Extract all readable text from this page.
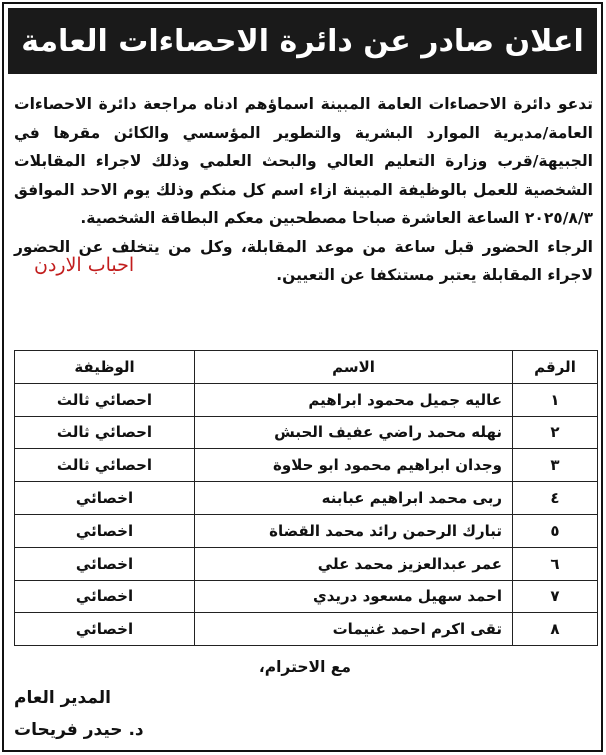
اعلان صادر عن دائرة الاحصاءات العامة

تدعو دائرة الاحصاءات العامة المبينة اسماؤهم ادناه مراجعة دائرة الاحصاءات العامة/مديرية الموارد البشرية والتطوير المؤسسي والكائن مقرها في الجبيهة/قرب وزارة التعليم العالي والبحث العلمي وذلك لاجراء المقابلات الشخصية للعمل بالوظيفة المبينة ازاء اسم كل منكم وذلك يوم الاحد الموافق ٢٠٢٥/٨/٣ الساعة العاشرة صباحا مصطحبين معكم البطاقة الشخصية.

الرجاء الحضور قبل ساعة من موعد المقابلة، وكل من يتخلف عن الحضور لاجراء المقابلة يعتبر مستنكفا عن التعيين.

احباب الاردن
الرقم	الاسم	الوظيفة
١	عاليه جميل محمود ابراهيم	احصائي ثالث
٢	نهله محمد راضي عفيف الحبش	احصائي ثالث
٣	وجدان ابراهيم محمود ابو حلاوة	احصائي ثالث
٤	ربى محمد ابراهيم عبابنه	اخصائي
٥	تبارك الرحمن رائد محمد القضاة	اخصائي
٦	عمر عبدالعزيز محمد علي	اخصائي
٧	احمد سهيل مسعود دريدي	اخصائي
٨	تقى اكرم احمد غنيمات	اخصائي
مع الاحترام،
المدير العام
د. حيدر فريحات
